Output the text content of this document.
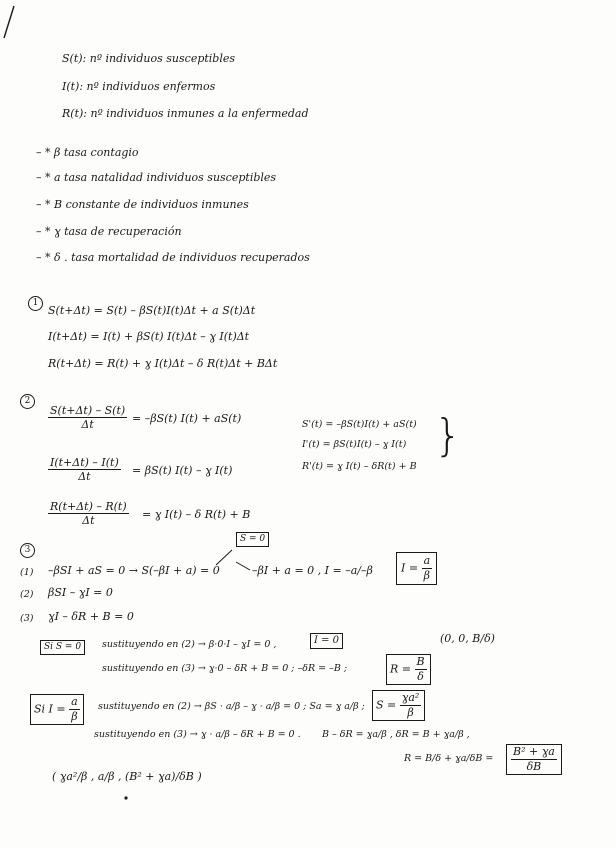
S(t): nº individuos susceptibles
I(t): nº individuos enfermos
R(t): nº individuos inmunes a la enfermedad
– * β tasa contagio
– * a tasa natalidad individuos susceptibles
– * B constante de individuos inmunes
– * ɣ tasa de recuperación
– * δ . tasa mortalidad de individuos recuperados
1
S(t+Δt) = S(t) – βS(t)I(t)Δt + a S(t)Δt
I(t+Δt) = I(t) + βS(t) I(t)Δt – ɣ I(t)Δt
R(t+Δt) = R(t) + ɣ I(t)Δt – δ R(t)Δt + BΔt
2
$\frac{S(t+\Delta t) - S(t)}{\Delta t} = -\beta S(t) I(t) + aS(t)$
$\frac{I(t+\Delta t) - I(t)}{\Delta t} = \beta S(t)$ I(t) – ɣ I(t)
$\frac{R(t+\Delta t) - R(t)}{\Delta t}$ = ɣ I(t) – δ R(t) + B
S'(t) = –βS(t)I(t) + aS(t)
I'(t) = βS(t)I(t) – ɣ I(t)
R'(t) = ɣ I(t) – δR(t) + B
}
3
S = 0
(1) –βSI + aS = 0 → S(–βI + a) = 0	–βI + a = 0 , I = –a/–β	$I = \frac{a}{\beta}$
(2) βSI – ɣI = 0
(3) ɣI – δR + B = 0
Si S = 0	sustituyendo en (2) → β·0·I – ɣI = 0 ,	I = 0	(0, 0, B/δ)
sustituyendo en (3) → ɣ·0 – δR + B = 0 ; –δR = –B ;	$R = \frac{B}{\delta}$
Si $I = \frac{a}{\beta}$ sustituyendo en (2) → βS · a/β – ɣ · a/β = 0 ; Sa = ɣ a/β ;	$S = \frac{\text{ɣa²}}{\beta}$
sustituyendo en (3) → ɣ · a/β – δR + B = 0 . B – δR = ɣa/β , δR = B + ɣa/β ,
R = B/δ + ɣa/δB = $\frac{\text{B² + ɣa}}{\delta B}$
( ɣa²/β , a/β , (B² + ɣa)/δB )
